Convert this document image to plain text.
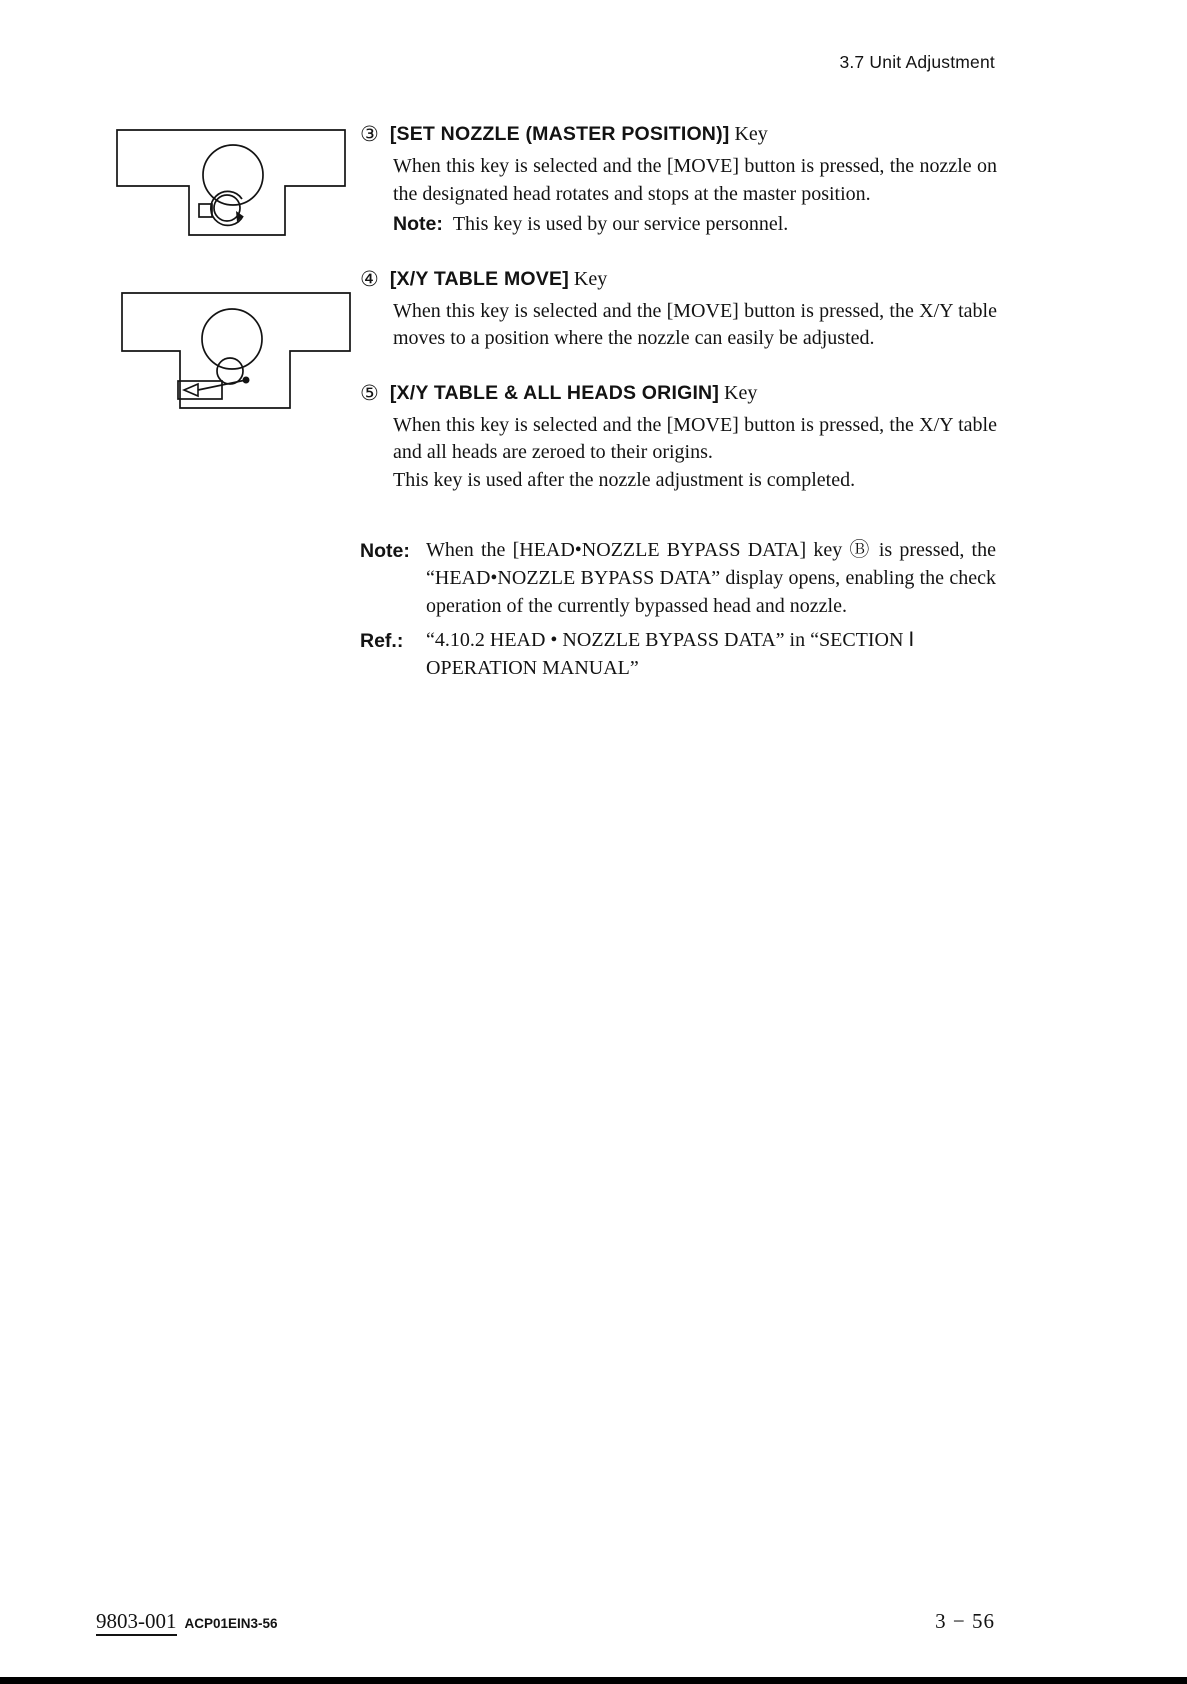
3.7 Unit Adjustment
③ [SET NOZZLE (MASTER POSITION)] Key
When this key is selected and the [MOVE] button is pressed, the nozzle on the designated head rotates and stops at the master position.
Note: This key is used by our service personnel.
④ [X/Y TABLE MOVE] Key
When this key is selected and the [MOVE] button is pressed, the X/Y table moves to a position where the nozzle can easily be adjusted.
⑤ [X/Y TABLE & ALL HEADS ORIGIN] Key
When this key is selected and the [MOVE] button is pressed, the X/Y table and all heads are zeroed to their origins.
This key is used after the nozzle adjustment is completed.
Note: When the [HEAD•NOZZLE BYPASS DATA] key Ⓑ is pressed, the “HEAD•NOZZLE BYPASS DATA” display opens, enabling the check operation of the currently bypassed head and nozzle.
Ref.: “4.10.2 HEAD • NOZZLE BYPASS DATA” in “SECTION Ⅰ OPERATION MANUAL”
9803-001 ACP01EIN3-56	3 − 56
